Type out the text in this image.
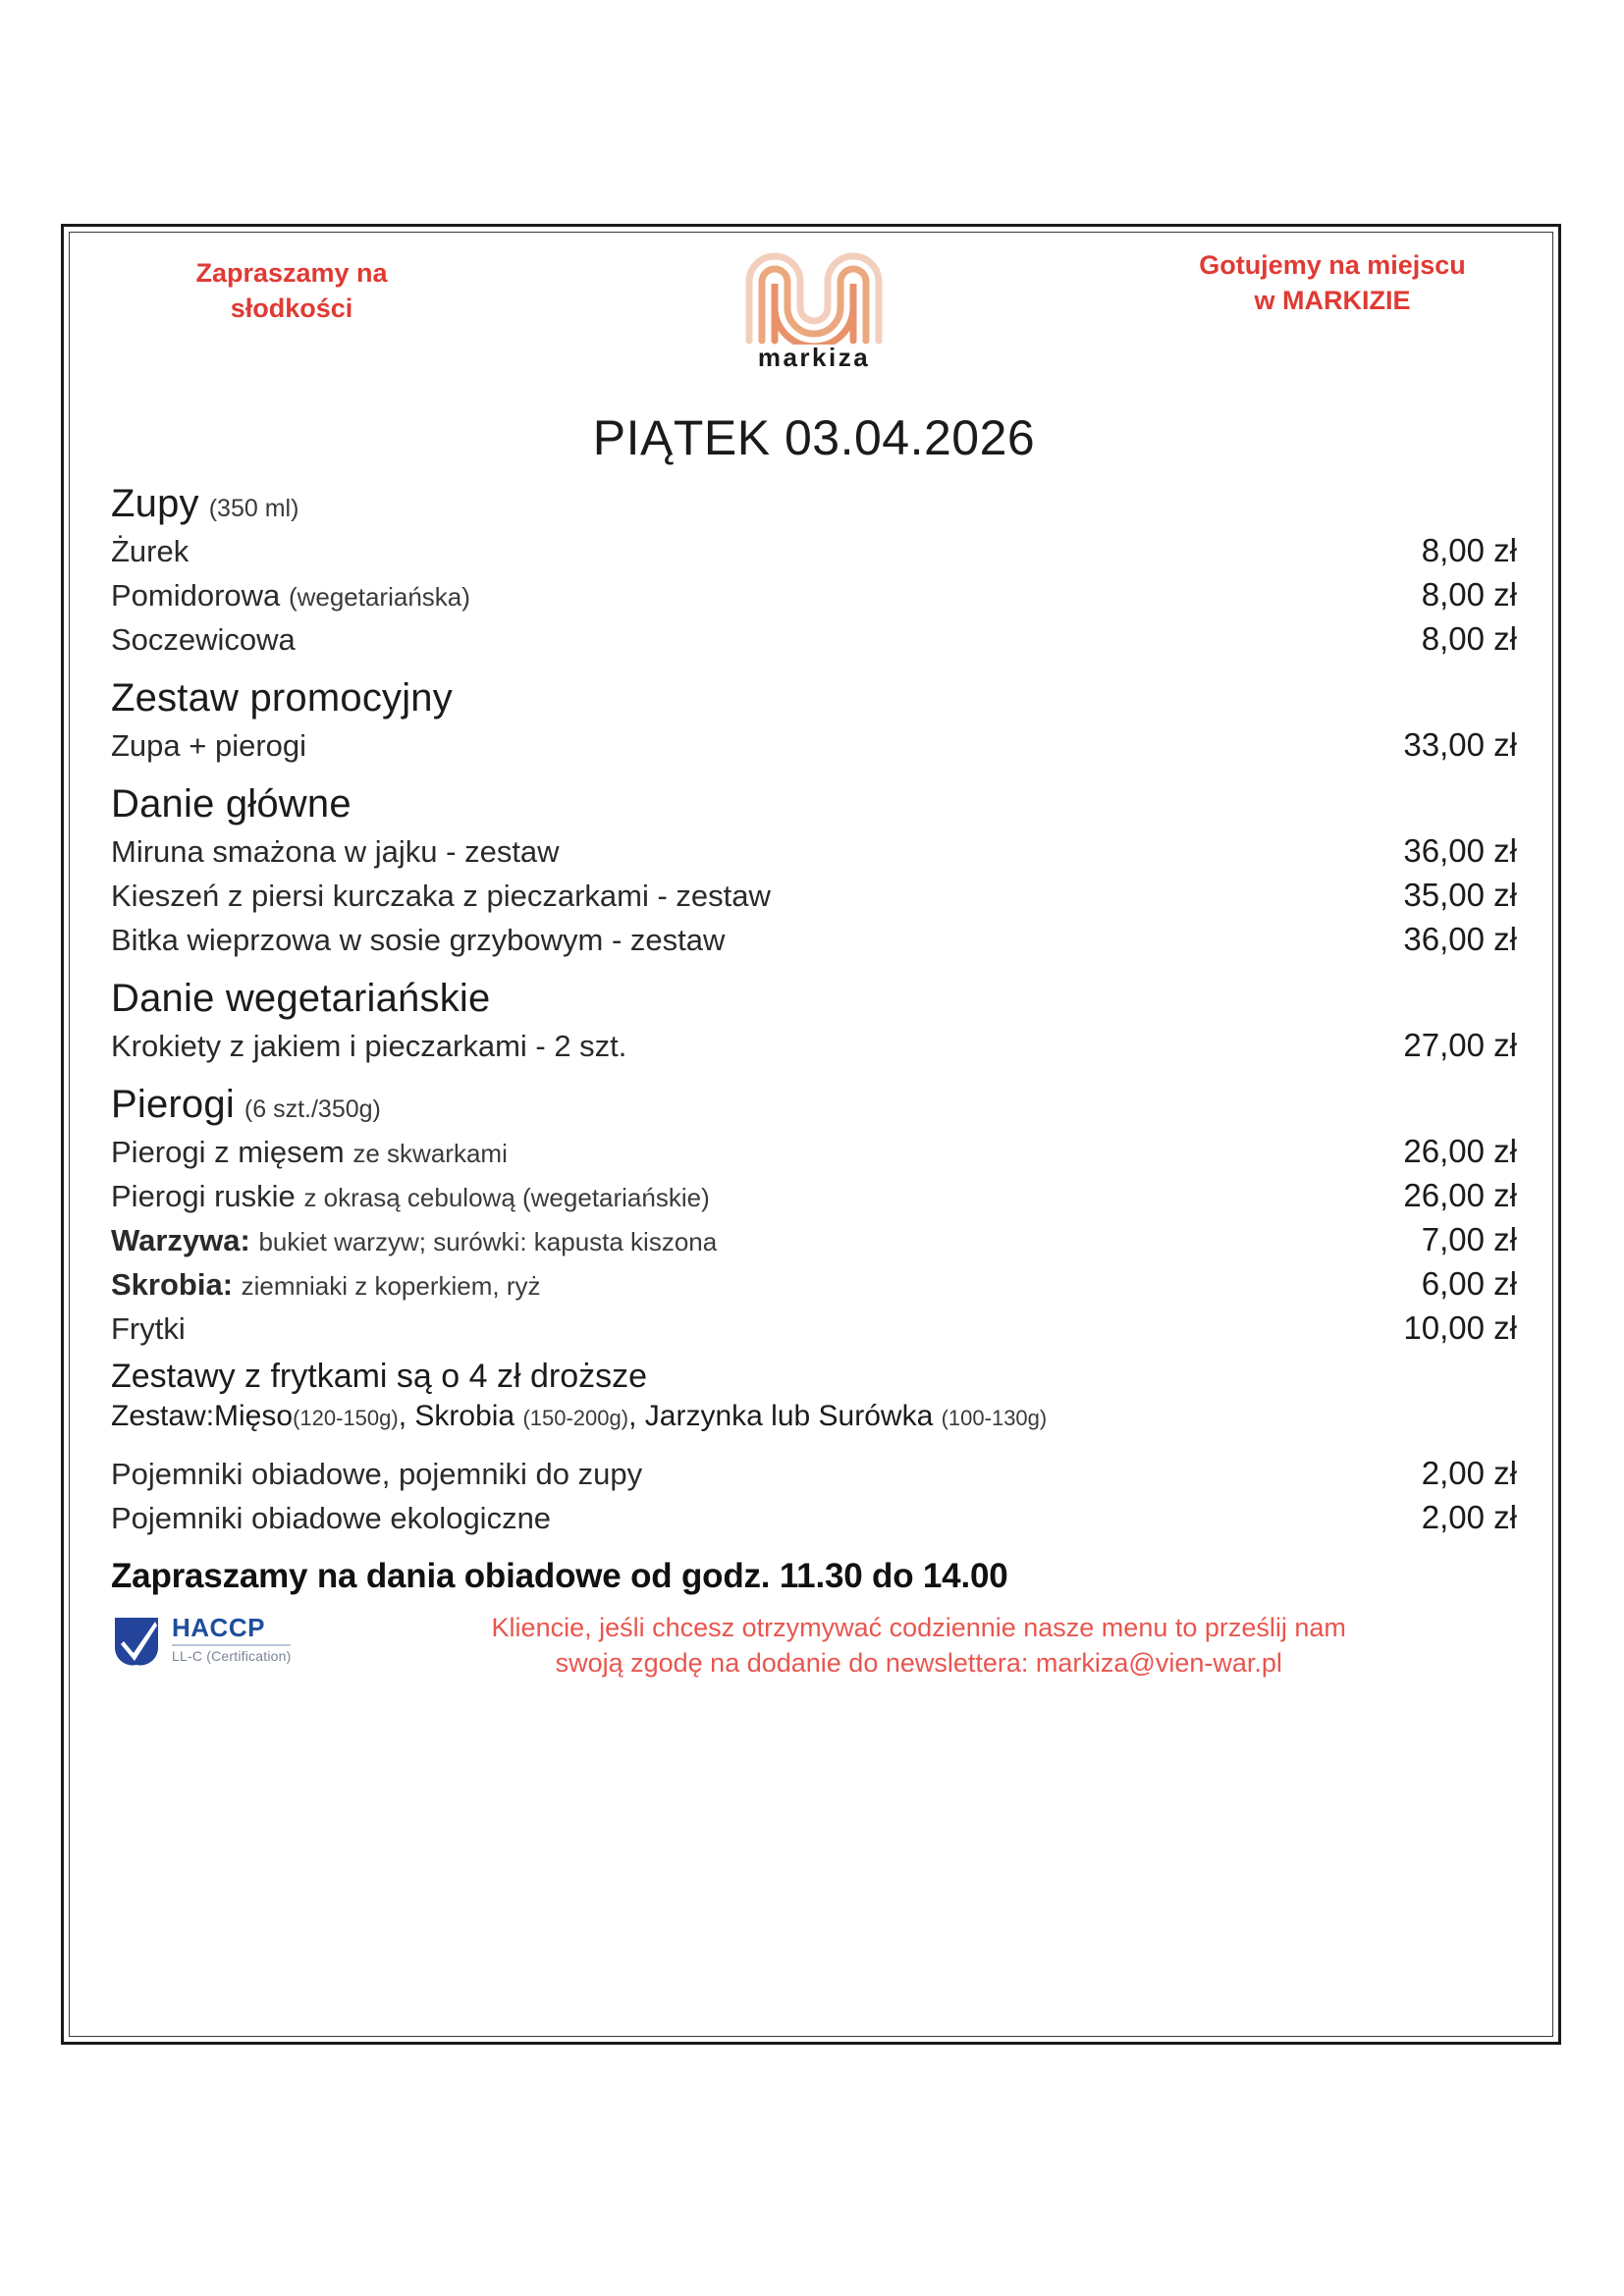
Zapraszamy na
słodkości
markiza
Gotujemy na miejscu
w MARKIZIE
PIĄTEK 03.04.2026
Zupy (350 ml)
Żurek	8,00 zł
Pomidorowa (wegetariańska)	8,00 zł
Soczewicowa	8,00 zł
Zestaw promocyjny
Zupa + pierogi	33,00 zł
Danie główne
Miruna smażona w jajku - zestaw	36,00 zł
Kieszeń z piersi kurczaka z pieczarkami - zestaw	35,00 zł
Bitka wieprzowa w sosie grzybowym - zestaw	36,00 zł
Danie wegetariańskie
Krokiety z jakiem i pieczarkami - 2 szt.	27,00 zł
Pierogi (6 szt./350g)
Pierogi z mięsem ze skwarkami	26,00 zł
Pierogi ruskie z okrasą cebulową (wegetariańskie)	26,00 zł
Warzywa: bukiet warzyw; surówki: kapusta kiszona	7,00 zł
Skrobia: ziemniaki z koperkiem, ryż	6,00 zł
Frytki	10,00 zł
Zestawy z frytkami są o 4 zł droższe
Zestaw:Mięso(120-150g), Skrobia (150-200g), Jarzynka lub Surówka (100-130g)
Pojemniki obiadowe, pojemniki do zupy	2,00 zł
Pojemniki obiadowe ekologiczne	2,00 zł
Zapraszamy na dania obiadowe od godz. 11.30 do 14.00
HACCP
LL-C (Certification)
Kliencie, jeśli chcesz otrzymywać codziennie nasze menu to prześlij nam
swoją zgodę na dodanie do newslettera: markiza@vien-war.pl
